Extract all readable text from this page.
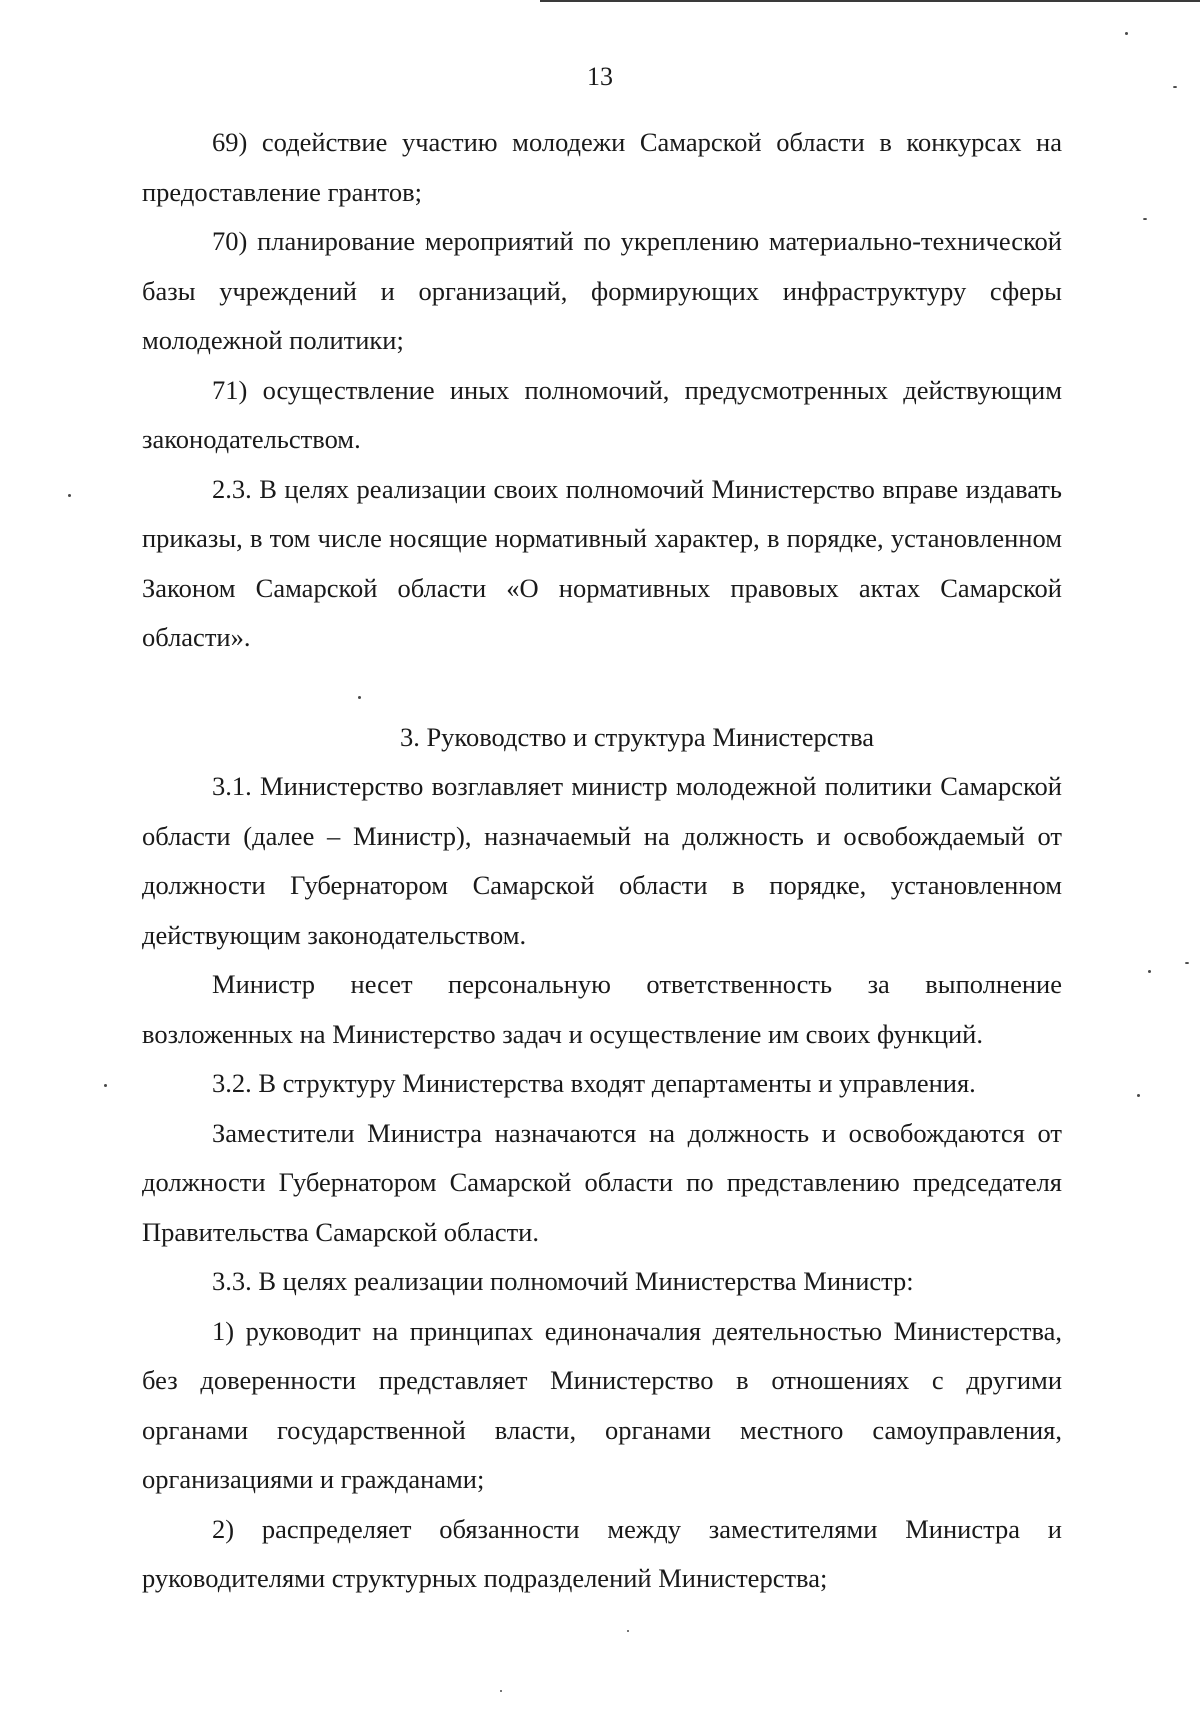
13

69) содействие участию молодежи Самарской области в конкурсах на предоставление грантов;

70) планирование мероприятий по укреплению материально-технической базы учреждений и организаций, формирующих инфраструктуру сферы молодежной политики;

71) осуществление иных полномочий, предусмотренных действующим законодательством.

2.3. В целях реализации своих полномочий Министерство вправе издавать приказы, в том числе носящие нормативный характер, в порядке, установленном Законом Самарской области «О нормативных правовых актах Самарской области».

3. Руководство и структура Министерства

3.1. Министерство возглавляет министр молодежной политики Самарской области (далее – Министр), назначаемый на должность и освобождаемый от должности Губернатором Самарской области в порядке, установленном действующим законодательством.

Министр несет персональную ответственность за выполнение возложенных на Министерство задач и осуществление им своих функций.

3.2. В структуру Министерства входят департаменты и управления.

Заместители Министра назначаются на должность и освобождаются от должности Губернатором Самарской области по представлению председателя Правительства Самарской области.

3.3. В целях реализации полномочий Министерства Министр:

1) руководит на принципах единоначалия деятельностью Министерства, без доверенности представляет Министерство в отношениях с другими органами государственной власти, органами местного самоуправления, организациями и гражданами;

2) распределяет обязанности между заместителями Министра и руководителями структурных подразделений Министерства;
